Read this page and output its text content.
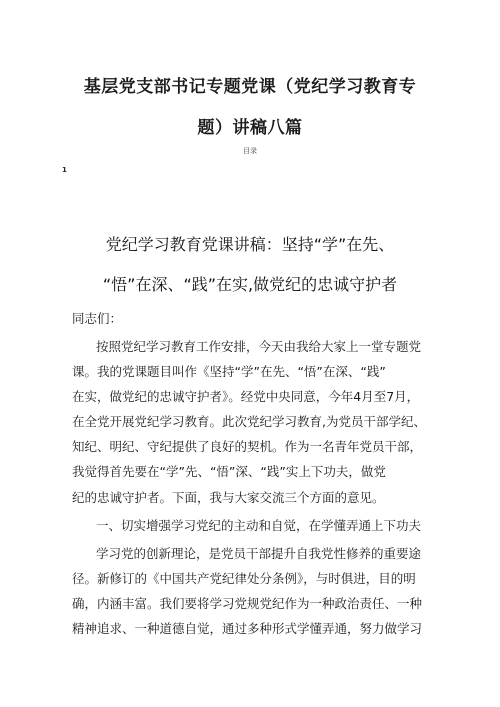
基层党支部书记专题党课（党纪学习教育专
题）讲稿八篇
目录
1
党纪学习教育党课讲稿：坚持“学”在先、
“悟”在深、“践”在实,做党纪的忠诚守护者
同志们：
按照党纪学习教育工作安排，今天由我给大家上一堂专题党
课。我的党课题目叫作《坚持“学”在先、“悟”在深、“践”
在实，做党纪的忠诚守护者》。经党中央同意，今年4月至7月，
在全党开展党纪学习教育。此次党纪学习教育,为党员干部学纪、
知纪、明纪、守纪提供了良好的契机。作为一名青年党员干部，
我觉得首先要在“学”先、“悟”深、“践”实上下功夫，做党
纪的忠诚守护者。下面，我与大家交流三个方面的意见。
一、切实增强学习党纪的主动和自觉，在学懂弄通上下功夫
学习党的创新理论，是党员干部提升自我党性修养的重要途
径。新修订的《中国共产党纪律处分条例》，与时俱进，目的明
确，内涵丰富。我们要将学习党规党纪作为一种政治责任、一种
精神追求、一种道德自觉，通过多种形式学懂弄通，努力做学习
